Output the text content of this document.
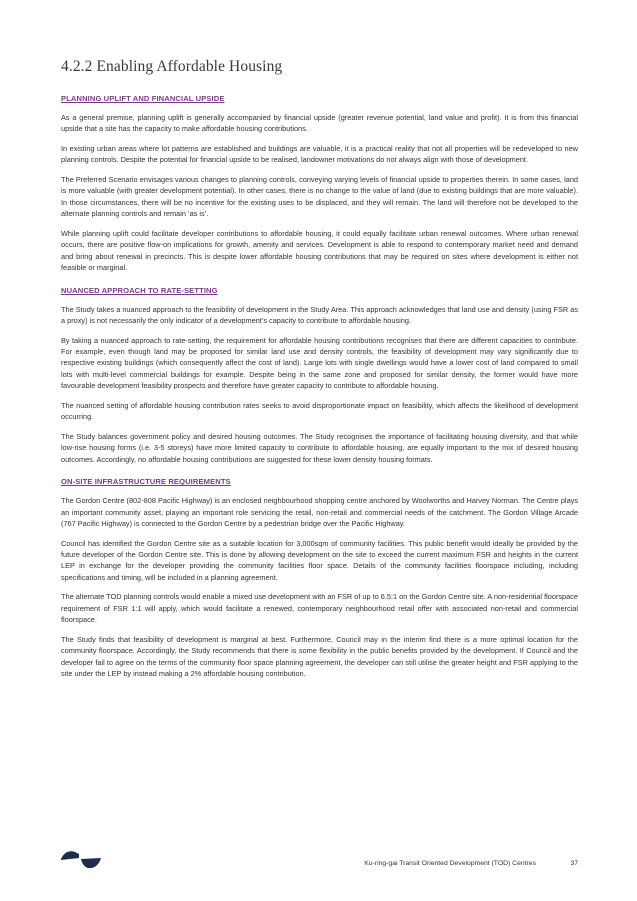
4.2.2 Enabling Affordable Housing
PLANNING UPLIFT AND FINANCIAL UPSIDE

As a general premise, planning uplift is generally accompanied by financial upside (greater revenue potential, land value and profit). It is from this financial upside that a site has the capacity to make affordable housing contributions.

In existing urban areas where lot patterns are established and buildings are valuable, it is a practical reality that not all properties will be redeveloped to new planning controls. Despite the potential for financial upside to be realised, landowner motivations do not always align with those of development.

The Preferred Scenario envisages various changes to planning controls, conveying varying levels of financial upside to properties therein. In some cases, land is more valuable (with greater development potential). In other cases, there is no change to the value of land (due to existing buildings that are more valuable). In those circumstances, there will be no incentive for the existing uses to be displaced, and they will remain. The land will therefore not be developed to the alternate planning controls and remain ‘as is’.

While planning uplift could facilitate developer contributions to affordable housing, it could equally facilitate urban renewal outcomes. Where urban renewal occurs, there are positive flow-on implications for growth, amenity and services. Development is able to respond to contemporary market need and demand and bring about renewal in precincts. This is despite lower affordable housing contributions that may be required on sites where development is either not feasible or marginal.

NUANCED APPROACH TO RATE-SETTING

The Study takes a nuanced approach to the feasibility of development in the Study Area. This approach acknowledges that land use and density (using FSR as a proxy) is not necessarily the only indicator of a development’s capacity to contribute to affordable housing.

By taking a nuanced approach to rate-setting, the requirement for affordable housing contributions recognises that there are different capacities to contribute. For example, even though land may be proposed for similar land use and density controls, the feasibility of development may vary significantly due to respective existing buildings (which consequently affect the cost of land). Large lots with single dwellings would have a lower cost of land compared to small lots with multi-level commercial buildings for example. Despite being in the same zone and proposed for similar density, the former would have more favourable development feasibility prospects and therefore have greater capacity to contribute to affordable housing.

The nuanced setting of affordable housing contribution rates seeks to avoid disproportionate impact on feasibility, which affects the likelihood of development occurring.

The Study balances government policy and desired housing outcomes. The Study recognises the importance of facilitating housing diversity, and that while low-rise housing forms (i.e. 3-5 storeys) have more limited capacity to contribute to affordable housing, are equally important to the mix of desired housing outcomes. Accordingly, no affordable housing contributions are suggested for these lower density housing formats.

ON-SITE INFRASTRUCTURE REQUIREMENTS

The Gordon Centre (802-808 Pacific Highway) is an enclosed neighbourhood shopping centre anchored by Woolworths and Harvey Norman. The Centre plays an important community asset, playing an important role servicing the retail, non-retail and commercial needs of the catchment. The Gordon Village Arcade (767 Pacific Highway) is connected to the Gordon Centre by a pedestrian bridge over the Pacific Highway.

Council has identified the Gordon Centre site as a suitable location for 3,000sqm of community facilities. This public benefit would ideally be provided by the future developer of the Gordon Centre site. This is done by allowing development on the site to exceed the current maximum FSR and heights in the current LEP in exchange for the developer providing the community facilities floor space. Details of the community facilities floorspace including, including specifications and timing, will be included in a planning agreement.

The alternate TOD planning controls would enable a mixed use development with an FSR of up to 6.5:1 on the Gordon Centre site. A non-residential floorspace requirement of FSR 1:1 will apply, which would facilitate a renewed, contemporary neighbourhood retail offer with associated non-retail and commercial floorspace.

The Study finds that feasibility of development is marginal at best. Furthermore, Council may in the interim find there is a more optimal location for the community floorspace. Accordingly, the Study recommends that there is some flexibility in the public benefits provided by the development. If Council and the developer fail to agree on the terms of the community floor space planning agreement, the developer can still utilise the greater height and FSR applying to the site under the LEP by instead making a 2% affordable housing contribution.

Ku-ring-gai Transit Oriented Development (TOD) Centres	37
